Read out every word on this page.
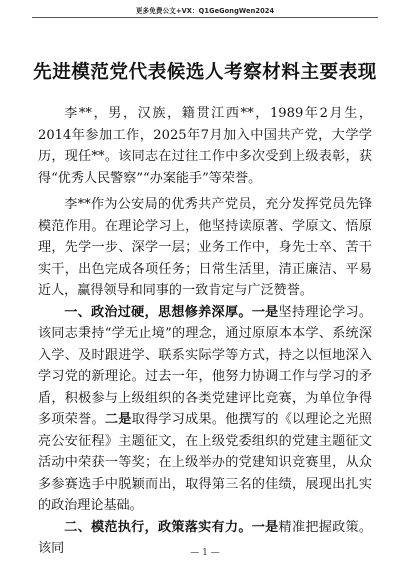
更多免费公文+VX：Q1GeGongWen2024
先进模范党代表候选人考察材料主要表现

李**，男，汉族，籍贯江西**，1989年2月生，2014年参加工作，2025年7月加入中国共产党，大学学历，现任**。该同志在过往工作中多次受到上级表彰，获得“优秀人民警察”“办案能手”等荣誉。

李**作为公安局的优秀共产党员，充分发挥党员先锋模范作用。在理论学习上，他坚持读原著、学原文、悟原理，先学一步、深学一层；业务工作中，身先士卒、苦干实干，出色完成各项任务；日常生活里，清正廉洁、平易近人，赢得领导和同事的一致肯定与广泛赞誉。

一、政治过硬，思想修养深厚。一是坚持理论学习。该同志秉持“学无止境”的理念，通过原原本本学、系统深入学、及时跟进学、联系实际学等方式，持之以恒地深入学习党的新理论。过去一年，他努力协调工作与学习的矛盾，积极参与上级组织的各类党建评比竞赛，为单位争得多项荣誉。二是取得学习成果。他撰写的《以理论之光照亮公安征程》主题征文，在上级党委组织的党建主题征文活动中荣获一等奖；在上级举办的党建知识竞赛里，从众多参赛选手中脱颖而出，取得第三名的佳绩，展现出扎实的政治理论基础。

二、模范执行，政策落实有力。一是精准把握政策。该同	— 1 —
